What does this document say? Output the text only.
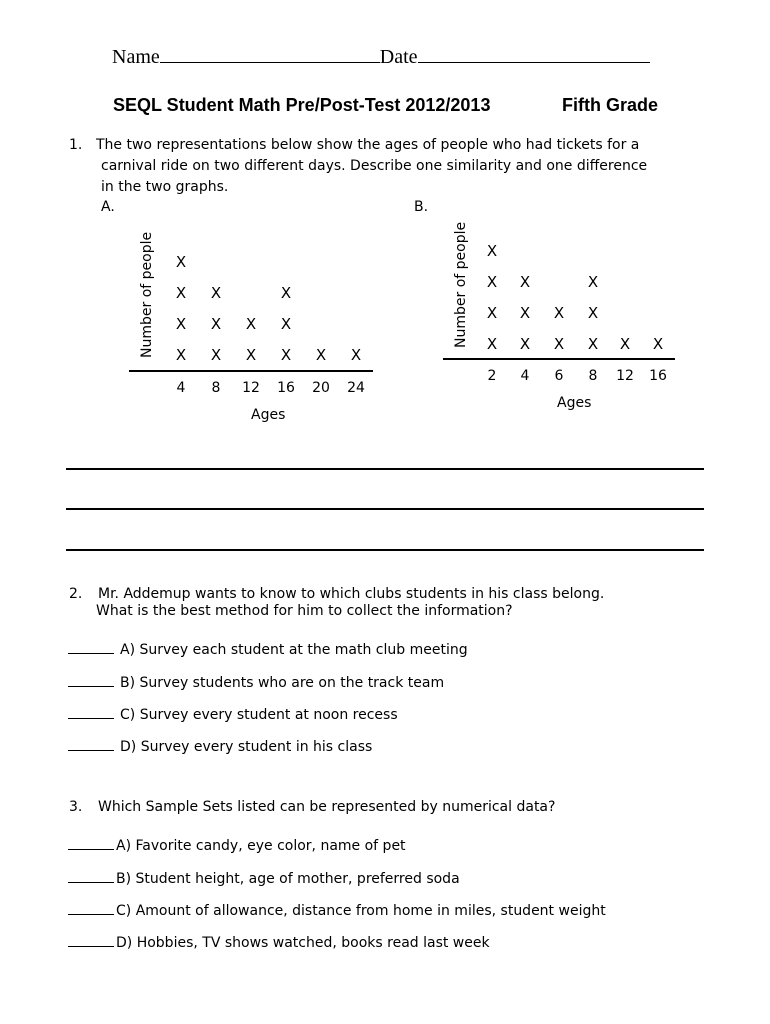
Name	Date
SEQL Student Math Pre/Post-Test 2012/2013	Fifth Grade
1. The two representations below show the ages of people who had tickets for a
carnival ride on two different days. Describe one similarity and one difference
in the two graphs.
A.	B.
Number of people
Ages
X
X
X
X
4
X
X
X
8
X
X
12
X
X
X
16
X
20
X
24
Number of people
Ages
X
X
X
X
2
X
X
X
4
X
X
6
X
X
X
8
X
12
X
16
2. Mr. Addemup wants to know to which clubs students in his class belong.
What is the best method for him to collect the information?
A) Survey each student at the math club meeting
B) Survey students who are on the track team
C) Survey every student at noon recess
D) Survey every student in his class
3. Which Sample Sets listed can be represented by numerical data?
A) Favorite candy, eye color, name of pet
B) Student height, age of mother, preferred soda
C) Amount of allowance, distance from home in miles, student weight
D) Hobbies, TV shows watched, books read last week
